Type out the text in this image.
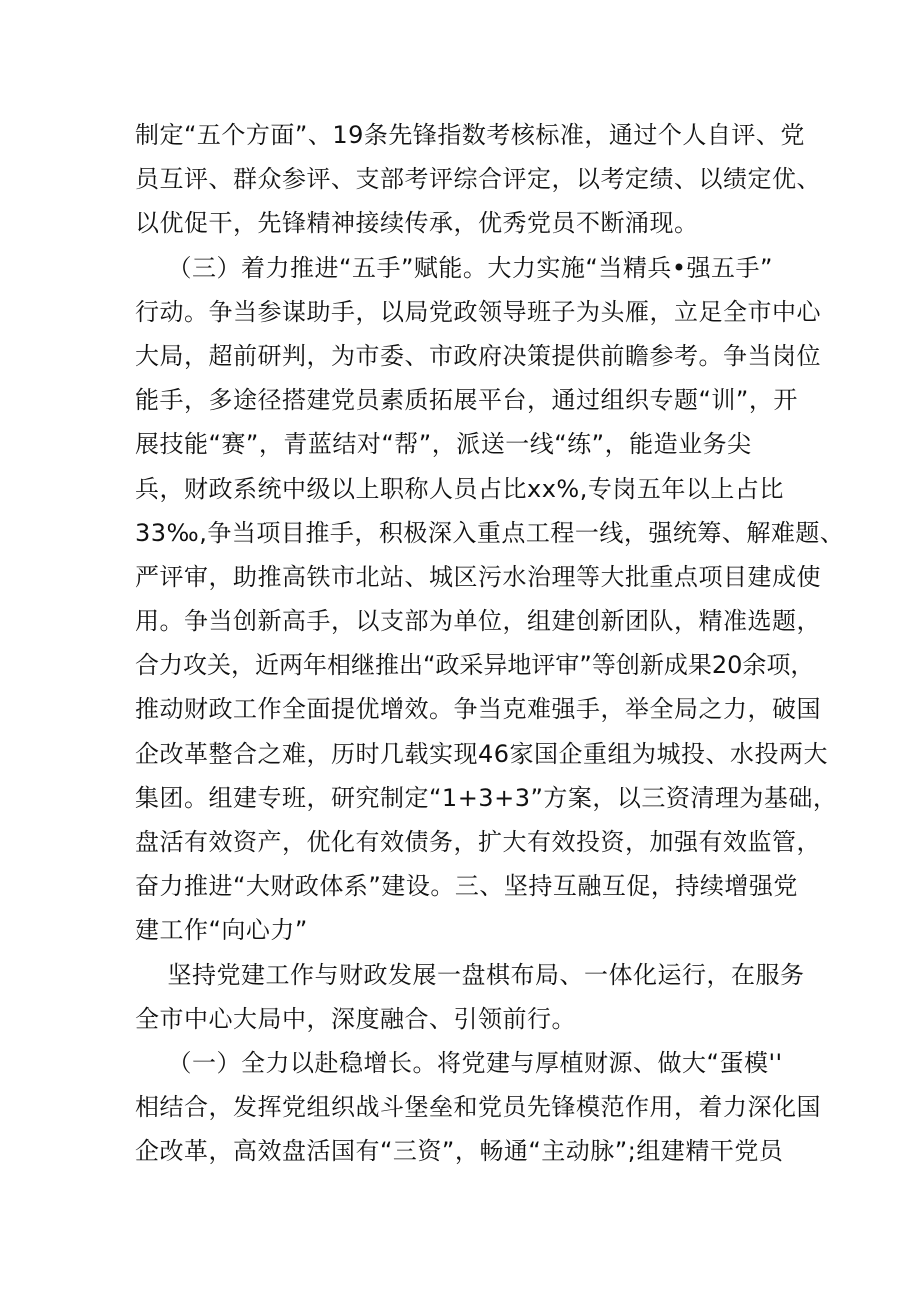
制定“五个方面”、19条先锋指数考核标准，通过个人自评、党
员互评、群众参评、支部考评综合评定，以考定绩、以绩定优、
以优促干，先锋精神接续传承，优秀党员不断涌现。
（三）着力推进“五手”赋能。大力实施“当精兵•强五手”
行动。争当参谋助手，以局党政领导班子为头雁，立足全市中心
大局，超前研判，为市委、市政府决策提供前瞻参考。争当岗位
能手，多途径搭建党员素质拓展平台，通过组织专题“训”，开
展技能“赛”，青蓝结对“帮”，派送一线“练”，能造业务尖
兵，财政系统中级以上职称人员占比xx%,专岗五年以上占比
33‰,争当项目推手，积极深入重点工程一线，强统筹、解难题、
严评审，助推高铁市北站、城区污水治理等大批重点项目建成使
用。争当创新高手，以支部为单位，组建创新团队，精准选题，
合力攻关，近两年相继推出“政采异地评审”等创新成果20余项，
推动财政工作全面提优增效。争当克难强手，举全局之力，破国
企改革整合之难，历时几载实现46家国企重组为城投、水投两大
集团。组建专班，研究制定“1+3+3”方案，以三资清理为基础，
盘活有效资产，优化有效债务，扩大有效投资，加强有效监管，
奋力推进“大财政体系”建设。三、坚持互融互促，持续增强党
建工作“向心力”
坚持党建工作与财政发展一盘棋布局、一体化运行，在服务
全市中心大局中，深度融合、引领前行。
（一）全力以赴稳增长。将党建与厚植财源、做大“蛋模''
相结合，发挥党组织战斗堡垒和党员先锋模范作用，着力深化国
企改革，高效盘活国有“三资”，畅通“主动脉”;组建精干党员
